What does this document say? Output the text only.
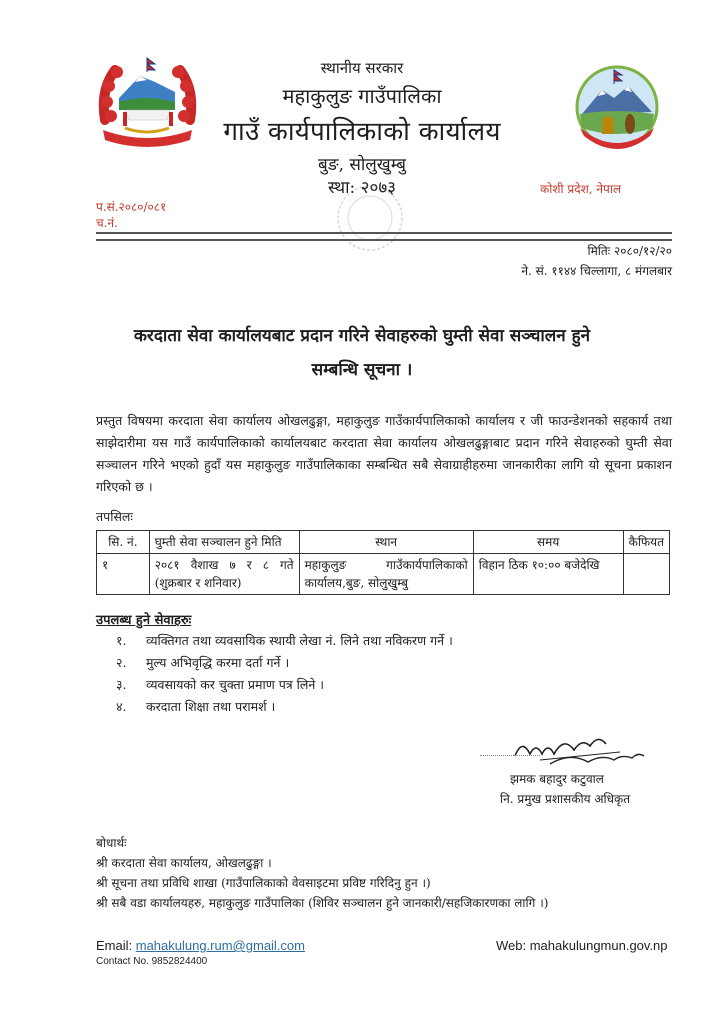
स्थानीय सरकार
महाकुलुङ गाउँपालिका
गाउँ कार्यपालिकाको कार्यालय
बुङ, सोलुखुम्बु
स्था: २०७३	कोशी प्रदेश, नेपाल
प.सं.२०८०/०८१
च.नं.
मितिः २०८०/१२/२०
ने. सं. ११४४ चिल्लागा, ८ मंगलबार
करदाता सेवा कार्यालयबाट प्रदान गरिने सेवाहरुको घुम्ती सेवा सञ्चालन हुने
सम्बन्धि सूचना ।
प्रस्तुत विषयमा करदाता सेवा कार्यालय ओखलढुङ्गा, महाकुलुङ गाउँकार्यपालिकाको कार्यालय र जी फाउन्डेशनको सहकार्य तथा साझेदारीमा यस गाउँ कार्यपालिकाको कार्यालयबाट करदाता सेवा कार्यालय ओखलढुङ्गाबाट प्रदान गरिने सेवाहरुको घुम्ती सेवा सञ्चालन गरिने भएको हुदाँ यस महाकुलुङ गाउँपालिकाका सम्बन्धित सबै सेवाग्राहीहरुमा जानकारीका लागि यो सूचना प्रकाशन गरिएको छ ।
तपसिलः
सि. नं.	घुम्ती सेवा सञ्चालन हुने मिति	स्थान	समय	कैफियत
१	२०८१ वैशाख ७ र ८ गते (शुक्रबार र शनिवार)	महाकुलुङ गाउँकार्यपालिकाको कार्यालय,बुङ, सोलुखुम्बु	विहान ठिक १०:०० बजेदेखि	
उपलब्ध हुने सेवाहरुः
१. व्यक्तिगत तथा व्यवसायिक स्थायी लेखा नं. लिने तथा नविकरण गर्ने ।
२. मुल्य अभिवृद्धि करमा दर्ता गर्ने ।
३. व्यवसायको कर चुक्ता प्रमाण पत्र लिने ।
४. करदाता शिक्षा तथा परामर्श ।
झमक बहादुर कटुवाल
नि. प्रमुख प्रशासकीय अधिकृत
बोधार्थः
श्री करदाता सेवा कार्यालय, ओखलढुङ्गा ।
श्री सूचना तथा प्रविधि शाखा (गाउँपालिकाको वेवसाइटमा प्रविष्ट गरिदिनु हुन ।)
श्री सबै वडा कार्यालयहरु, महाकुलुङ गाउँपालिका (शिविर सञ्चालन हुने जानकारी/सहजिकारणका लागि ।)
Email: mahakulung.rum@gmail.com
Contact No. 9852824400
Web: mahakulungmun.gov.np
